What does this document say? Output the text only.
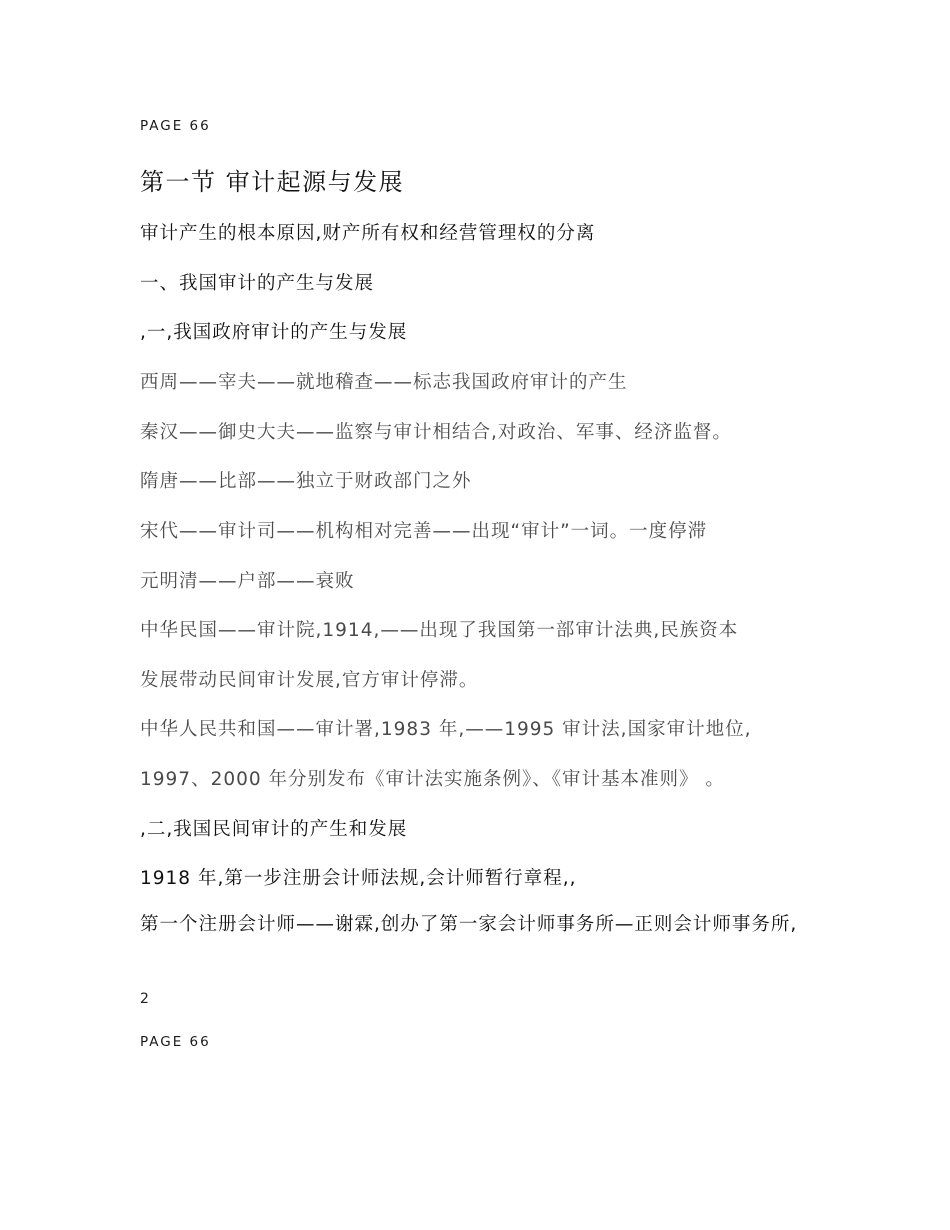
PAGE 66
第一节 审计起源与发展
审计产生的根本原因,财产所有权和经营管理权的分离
一、我国审计的产生与发展
,一,我国政府审计的产生与发展
西周——宰夫——就地稽查——标志我国政府审计的产生
秦汉——御史大夫——监察与审计相结合,对政治、军事、经济监督。
隋唐——比部——独立于财政部门之外
宋代——审计司——机构相对完善——出现“审计”一词。一度停滞
元明清——户部——衰败
中华民国——审计院,1914,——出现了我国第一部审计法典,民族资本
发展带动民间审计发展,官方审计停滞。
中华人民共和国——审计署,1983 年,——1995 审计法,国家审计地位,
1997、2000 年分别发布《审计法实施条例》、《审计基本准则》 。
,二,我国民间审计的产生和发展
1918 年,第一步注册会计师法规,会计师暂行章程,,
第一个注册会计师——谢霖,创办了第一家会计师事务所—正则会计师事务所,
2
PAGE 66
